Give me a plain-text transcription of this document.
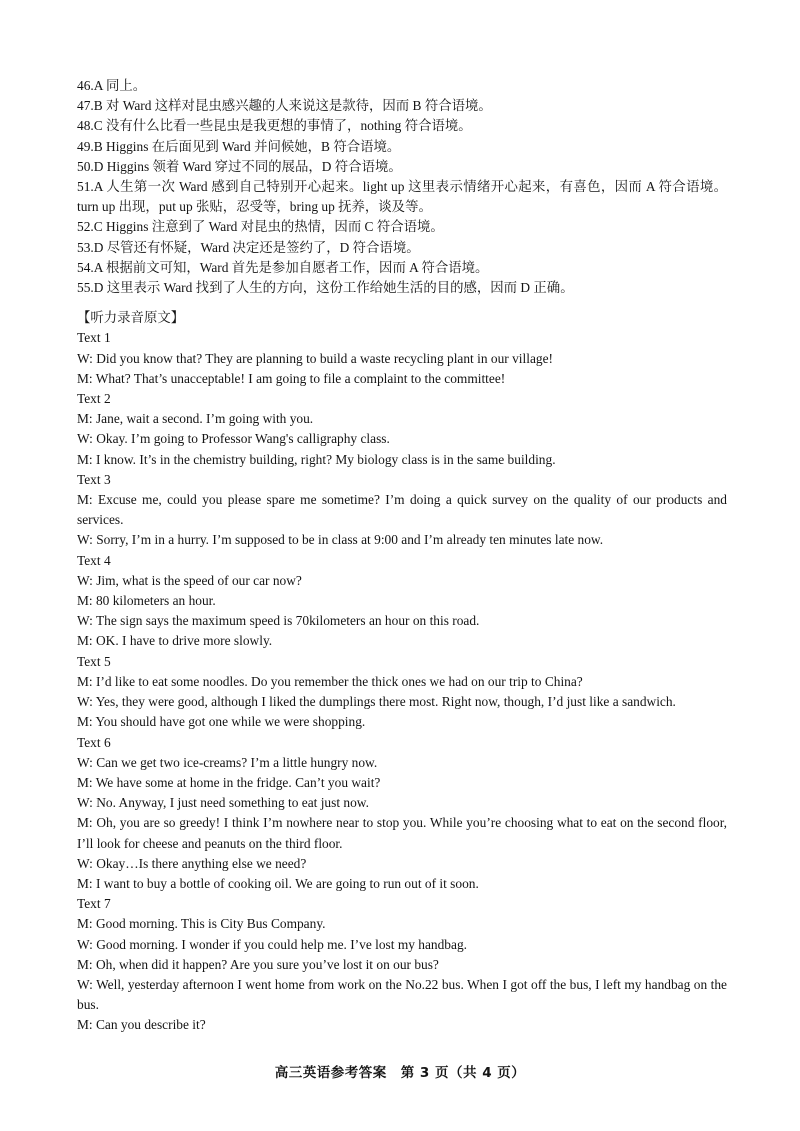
46.A 同上。
47.B 对 Ward 这样对昆虫感兴趣的人来说这是款待，因而 B 符合语境。
48.C 没有什么比看一些昆虫是我更想的事情了，nothing 符合语境。
49.B Higgins 在后面见到 Ward 并问候她，B 符合语境。
50.D Higgins 领着 Ward 穿过不同的展品，D 符合语境。
51.A 人生第一次 Ward 感到自己特别开心起来。light up 这里表示情绪开心起来，有喜色，因而 A 符合语境。turn up 出现，put up 张贴，忍受等，bring up 抚养，谈及等。
52.C Higgins 注意到了 Ward 对昆虫的热情，因而 C 符合语境。
53.D 尽管还有怀疑，Ward 决定还是签约了，D 符合语境。
54.A 根据前文可知，Ward 首先是参加自愿者工作，因而 A 符合语境。
55.D 这里表示 Ward 找到了人生的方向，这份工作给她生活的目的感，因而 D 正确。
【听力录音原文】
Text 1
W: Did you know that? They are planning to build a waste recycling plant in our village!
M: What? That’s unacceptable! I am going to file a complaint to the committee!
Text 2
M: Jane, wait a second. I’m going with you.
W: Okay. I’m going to Professor Wang's calligraphy class.
M: I know. It’s in the chemistry building, right? My biology class is in the same building.
Text 3
M: Excuse me, could you please spare me sometime? I’m doing a quick survey on the quality of our products and services.
W: Sorry, I’m in a hurry. I’m supposed to be in class at 9:00 and I’m already ten minutes late now.
Text 4
W: Jim, what is the speed of our car now?
M: 80 kilometers an hour.
W: The sign says the maximum speed is 70kilometers an hour on this road.
M: OK. I have to drive more slowly.
Text 5
M: I’d like to eat some noodles. Do you remember the thick ones we had on our trip to China?
W: Yes, they were good, although I liked the dumplings there most. Right now, though, I’d just like a sandwich.
M: You should have got one while we were shopping.
Text 6
W: Can we get two ice-creams? I’m a little hungry now.
M: We have some at home in the fridge. Can’t you wait?
W: No. Anyway, I just need something to eat just now.
M: Oh, you are so greedy! I think I’m nowhere near to stop you. While you’re choosing what to eat on the second floor, I’ll look for cheese and peanuts on the third floor.
W: Okay…Is there anything else we need?
M: I want to buy a bottle of cooking oil. We are going to run out of it soon.
Text 7
M: Good morning. This is City Bus Company.
W: Good morning. I wonder if you could help me. I’ve lost my handbag.
M: Oh, when did it happen? Are you sure you’ve lost it on our bus?
W: Well, yesterday afternoon I went home from work on the No.22 bus. When I got off the bus, I left my handbag on the bus.
M: Can you describe it?
高三英语参考答案　第 3 页（共 4 页）
